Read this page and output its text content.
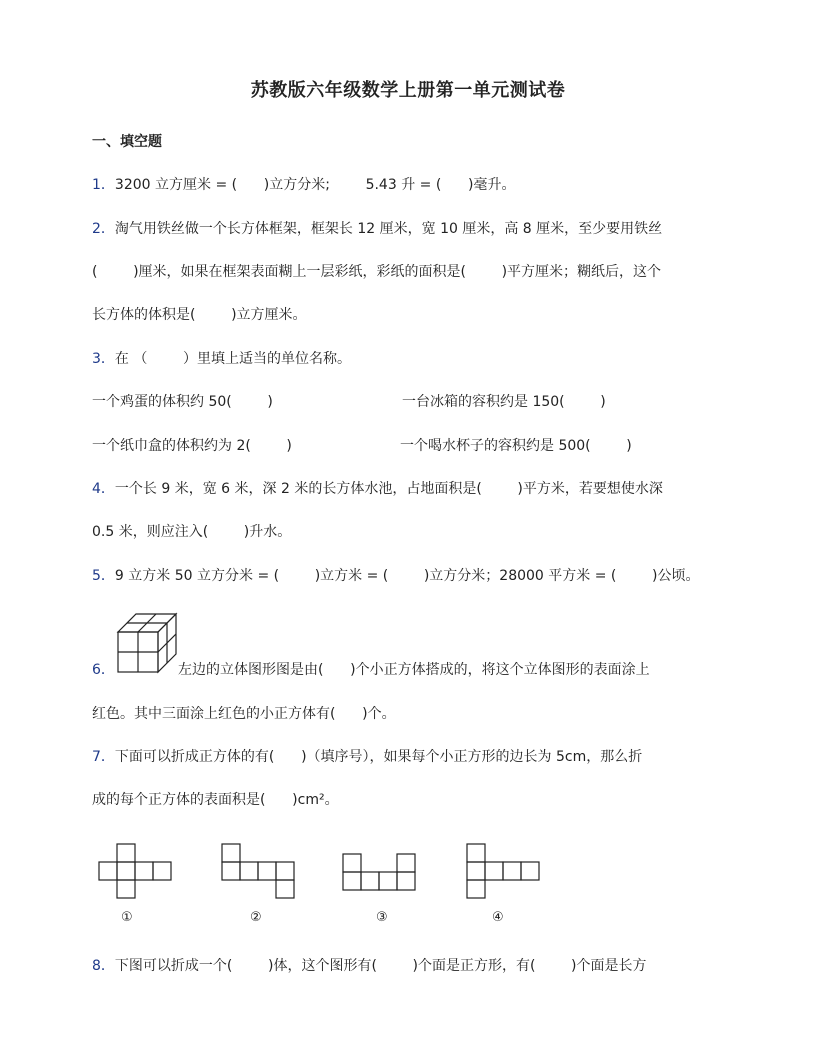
苏教版六年级数学上册第一单元测试卷
一、填空题
1．3200 立方厘米 = (      )立方分米;        5.43 升 = (      )毫升。
2．淘气用铁丝做一个长方体框架，框架长 12 厘米，宽 10 厘米，高 8 厘米，至少要用铁丝
(        )厘米，如果在框架表面糊上一层彩纸，彩纸的面积是(        )平方厘米；糊纸后，这个
长方体的体积是(        )立方厘米。
3．在 （        ）里填上适当的单位名称。
一个鸡蛋的体积约 50(        )	一台冰箱的容积约是 150(        )
一个纸巾盒的体积约为 2(        )	一个喝水杯子的容积约是 500(        )
4．一个长 9 米，宽 6 米，深 2 米的长方体水池，占地面积是(        )平方米，若要想使水深
0.5 米，则应注入(        )升水。
5．9 立方米 50 立方分米 = (        )立方米 = (        )立方分米；28000 平方米 = (        )公顷。
6．	左边的立体图形图是由(      )个小正方体搭成的，将这个立体图形的表面涂上
红色。其中三面涂上红色的小正方体有(      )个。
7．下面可以折成正方体的有(      )（填序号），如果每个小正方形的边长为 5cm，那么折
成的每个正方体的表面积是(      )cm²。
①	②	③	④
8．下图可以折成一个(        )体，这个图形有(        )个面是正方形，有(        )个面是长方
